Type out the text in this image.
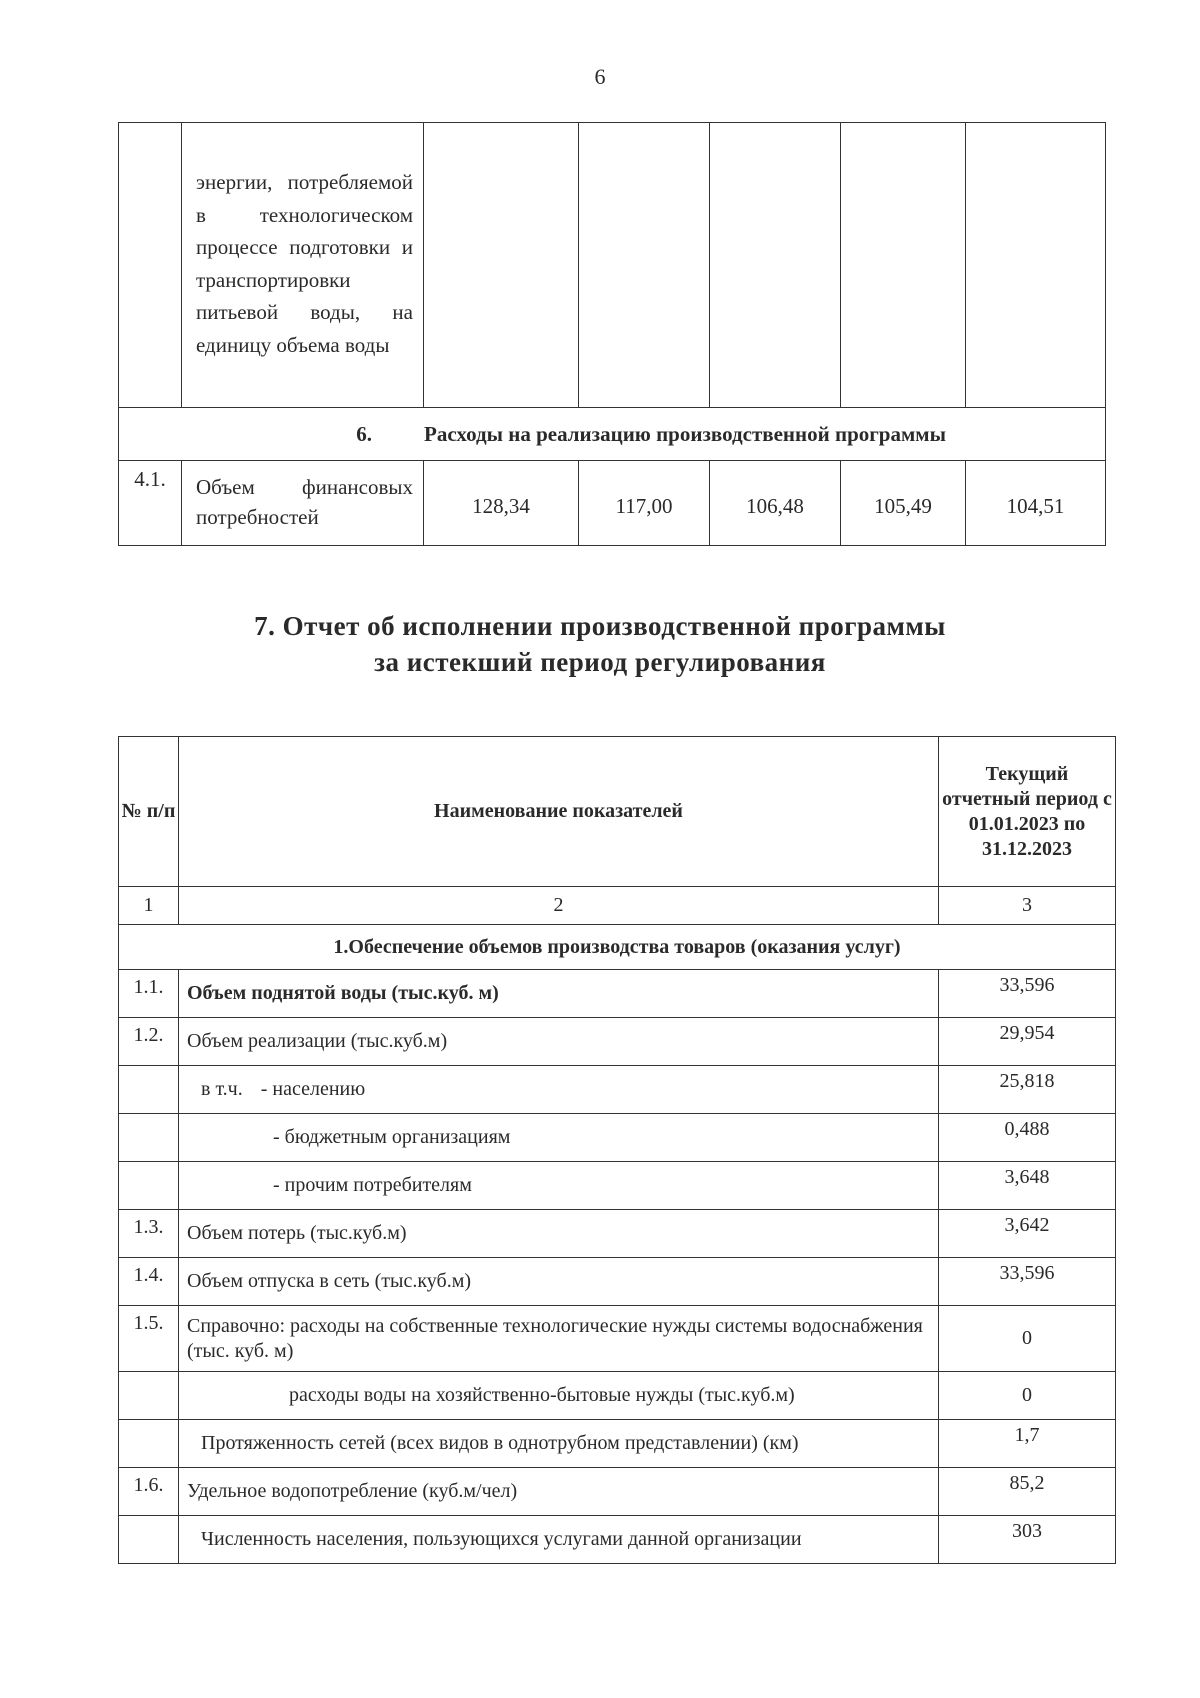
6
	энергии, потребляемой в технологическом процессе подготовки и транспортировки питьевой воды, на единицу объема воды					
6. Расходы на реализацию производственной программы						
4.1.	Объем финансовых потребностей	128,34	117,00	106,48	105,49	104,51
7. Отчет об исполнении производственной программы
за истекший период регулирования
№ п/п	Наименование показателей	Текущий отчетный период с 01.01.2023 по 31.12.2023
1	2	3
1.Обеспечение объемов производства товаров (оказания услуг)		
1.1.	Объем поднятой воды (тыс.куб. м)	33,596
1.2.	Объем реализации (тыс.куб.м)	29,954
	в т.ч. - населению	25,818
	- бюджетным организациям	0,488
	- прочим потребителям	3,648
1.3.	Объем потерь (тыс.куб.м)	3,642
1.4.	Объем отпуска в сеть (тыс.куб.м)	33,596
1.5.	Справочно: расходы на собственные технологические нужды системы водоснабжения (тыс. куб. м)	0
	расходы воды на хозяйственно-бытовые нужды (тыс.куб.м)	0
	Протяженность сетей (всех видов в однотрубном представлении) (км)	1,7
1.6.	Удельное водопотребление (куб.м/чел)	85,2
	Численность населения, пользующихся услугами данной организации	303
